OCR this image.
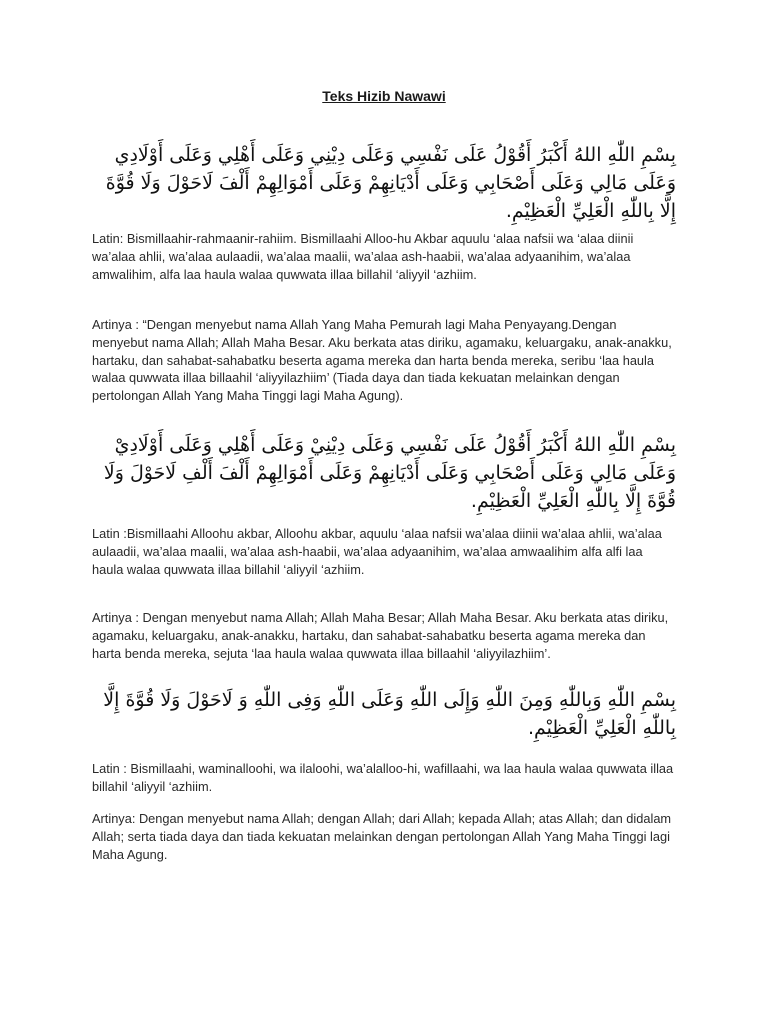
Teks Hizib Nawawi

بِسْمِ اللّٰهِ اللهُ أَكْبَرُ أَقُوْلُ عَلَى نَفْسِي وَعَلَى دِيْنِي وَعَلَى أَهْلِي وَعَلَى أَوْلَادِي وَعَلَى مَالِي وَعَلَى أَصْحَابِي وَعَلَى أَدْيَانِهِمْ وَعَلَى أَمْوَالِهِمْ أَلْفَ لَاحَوْلَ وَلَا قُوَّةَ إِلَّا بِاللّٰهِ الْعَلِيِّ الْعَظِيْمِ.

Latin: Bismillaahir-rahmaanir-rahiim. Bismillaahi Alloo-hu Akbar aquulu ‘alaa nafsii wa ‘alaa diinii wa’alaa ahlii, wa’alaa aulaadii, wa’alaa maalii, wa’alaa ash-haabii, wa’alaa adyaanihim, wa’alaa amwalihim, alfa laa haula walaa quwwata illaa billahil ‘aliyyil ‘azhiim.

Artinya : “Dengan menyebut nama Allah Yang Maha Pemurah lagi Maha Penyayang.Dengan menyebut nama Allah; Allah Maha Besar. Aku berkata atas diriku, agamaku, keluargaku, anak-anakku, hartaku, dan sahabat-sahabatku beserta agama mereka dan harta benda mereka, seribu ‘laa haula walaa quwwata illaa billaahil ‘aliyyilazhiim’ (Tiada daya dan tiada kekuatan melainkan dengan pertolongan Allah Yang Maha Tinggi lagi Maha Agung).

بِسْمِ اللّٰهِ اللهُ أَكْبَرُ أَقُوْلُ عَلَى نَفْسِي وَعَلَى دِيْنِيْ وَعَلَى أَهْلِي وَعَلَى أَوْلَادِيْ وَعَلَى مَالِي وَعَلَى أَصْحَابِي وَعَلَى أَدْيَانِهِمْ وَعَلَى أَمْوَالِهِمْ أَلْفَ أَلْفِ لَاحَوْلَ وَلَا قُوَّةَ إِلَّا بِاللّٰهِ الْعَلِيِّ الْعَظِيْمِ.

Latin :Bismillaahi Alloohu akbar, Alloohu akbar, aquulu ‘alaa nafsii wa’alaa diinii wa’alaa ahlii, wa’alaa aulaadii, wa’alaa maalii, wa’alaa ash-haabii, wa’alaa adyaanihim, wa’alaa amwaalihim alfa alfi laa haula walaa quwwata illaa billahil ‘aliyyil ‘azhiim.

Artinya : Dengan menyebut nama Allah; Allah Maha Besar; Allah Maha Besar. Aku berkata atas diriku, agamaku, keluargaku, anak-anakku, hartaku, dan sahabat-sahabatku beserta agama mereka dan harta benda mereka, sejuta ‘laa haula walaa quwwata illaa billaahil ‘aliyyilazhiim’.

بِسْمِ اللّٰهِ وَبِاللّٰهِ وَمِنَ اللّٰهِ وَإِلَى اللّٰهِ وَعَلَى اللّٰهِ وَفِى اللّٰهِ وَ لَاحَوْلَ وَلَا قُوَّةَ إِلَّا بِاللّٰهِ الْعَلِيِّ الْعَظِيْمِ.

Latin : Bismillaahi, waminalloohi, wa ilaloohi, wa’alalloo-hi, wafillaahi, wa laa haula walaa quwwata illaa billahil ‘aliyyil ‘azhiim.

Artinya: Dengan menyebut nama Allah; dengan Allah; dari Allah; kepada Allah; atas Allah; dan didalam Allah; serta tiada daya dan tiada kekuatan melainkan dengan pertolongan Allah Yang Maha Tinggi lagi Maha Agung.
